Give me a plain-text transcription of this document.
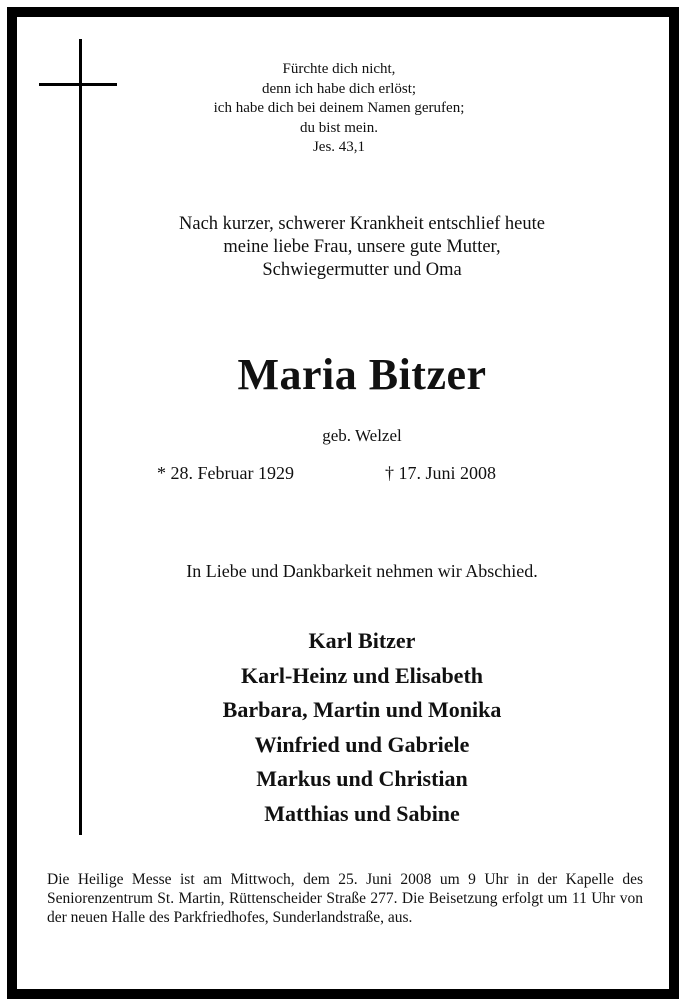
Fürchte dich nicht,
denn ich habe dich erlöst;
ich habe dich bei deinem Namen gerufen;
du bist mein.
Jes. 43,1
Nach kurzer, schwerer Krankheit entschlief heute
meine liebe Frau, unsere gute Mutter,
Schwiegermutter und Oma
Maria Bitzer
geb. Welzel
* 28. Februar 1929	† 17. Juni 2008
In Liebe und Dankbarkeit nehmen wir Abschied.
Karl Bitzer
Karl-Heinz und Elisabeth
Barbara, Martin und Monika
Winfried und Gabriele
Markus und Christian
Matthias und Sabine
Die Heilige Messe ist am Mittwoch, dem 25. Juni 2008 um 9 Uhr in der Kapelle des Seniorenzentrum St. Martin, Rüttenscheider Straße 277. Die Beisetzung erfolgt um 11 Uhr von der neuen Halle des Parkfriedhofes, Sunderlandstraße, aus.
